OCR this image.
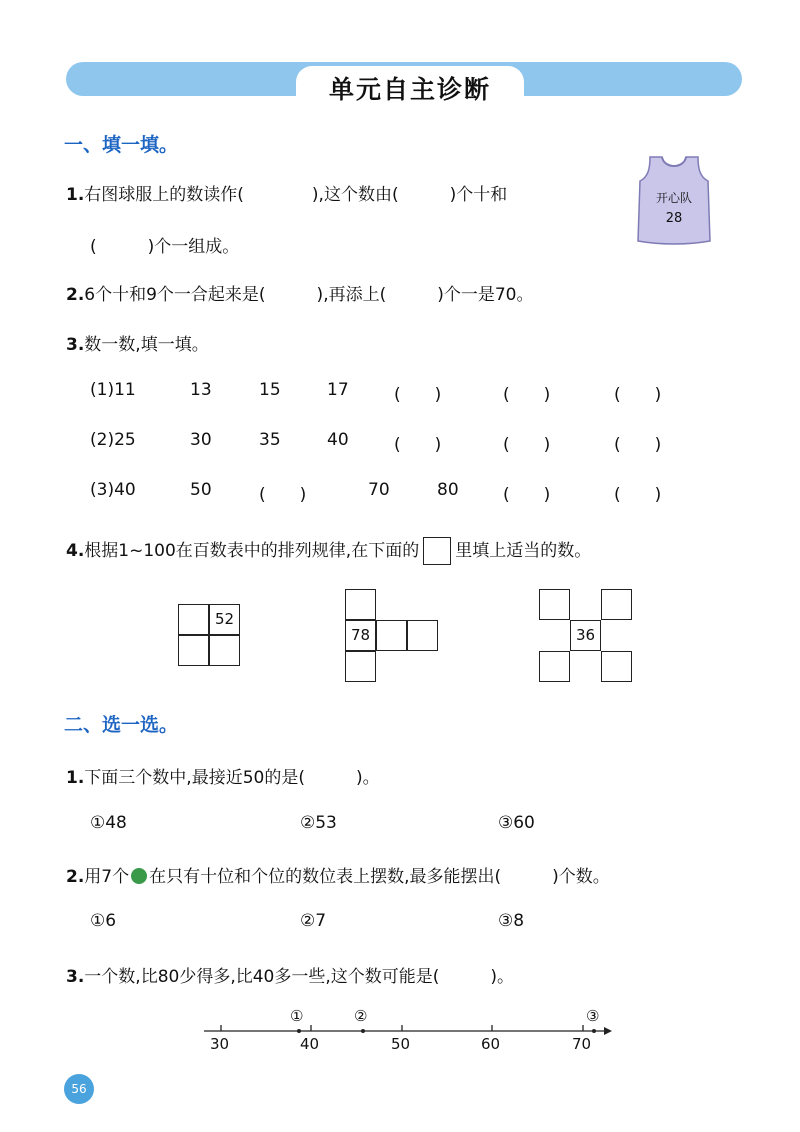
单元自主诊断
一、填一填。
1.右图球服上的数读作(　　　　),这个数由(　　　)个十和
(　　　)个一组成。
开心队
28
2.6个十和9个一合起来是(　　　),再添上(　　　)个一是70。
3.数一数,填一填。
(1)11	13	15	17	(　　)	(　　)	(　　)
(2)25	30	35	40	(　　)	(　　)	(　　)
(3)40	50	(　　)	70	80	(　　)	(　　)
4.根据1~100在百数表中的排列规律,在下面的 里填上适当的数。
52
78	36
二、选一选。
1.下面三个数中,最接近50的是(　　　)。
①48	②53	③60
2.用7个 在只有十位和个位的数位表上摆数,最多能摆出(　　　)个数。
①6	②7	③8
3.一个数,比80少得多,比40多一些,这个数可能是(　　　)。
30	40	50	60	70
①	②	③
56
